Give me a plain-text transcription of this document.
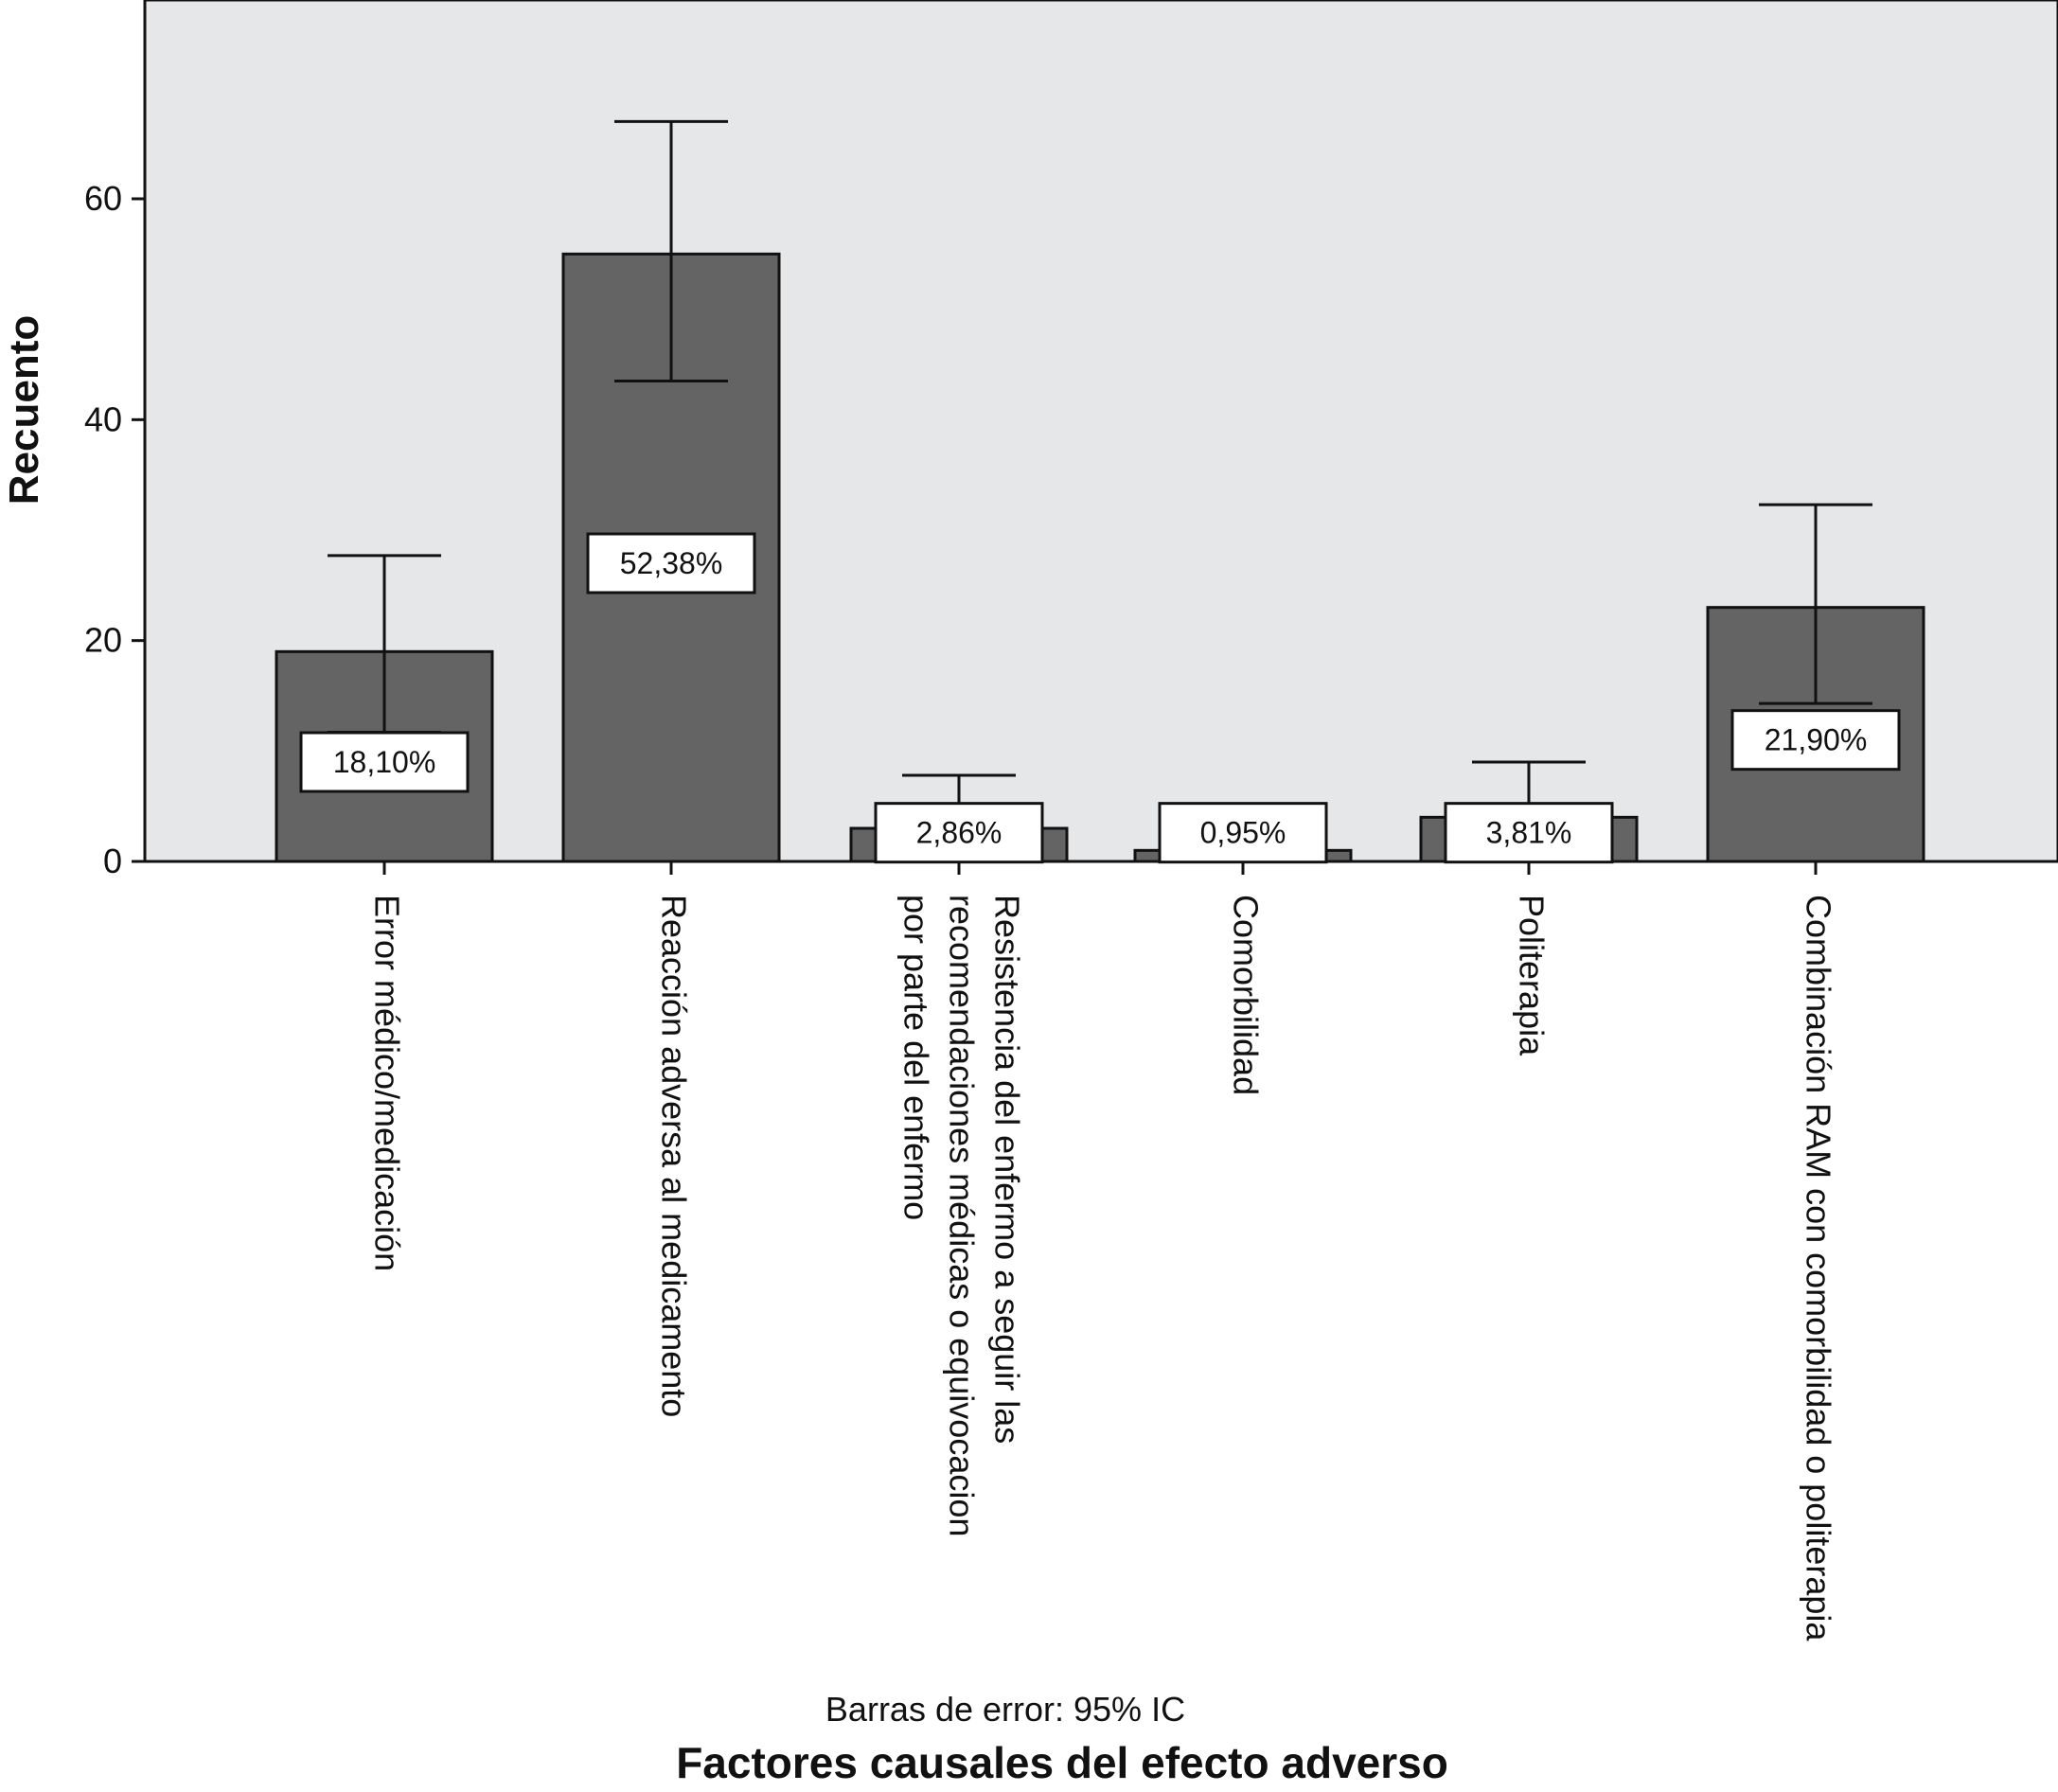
18,10%
52,38%
2,86%	0,95%	3,81%
21,90%
0
20
40
60
Error médico/medicación	Reacción adversa al medicamento	Resistencia del enfermo a seguir las
recomendaciones médicas o equivocacion
por parte del enfermo	Comorbilidad	Politerapia	Combinación RAM con comorbilidad o politerapia
Recuento
Barras de error: 95% IC
Factores causales del efecto adverso
